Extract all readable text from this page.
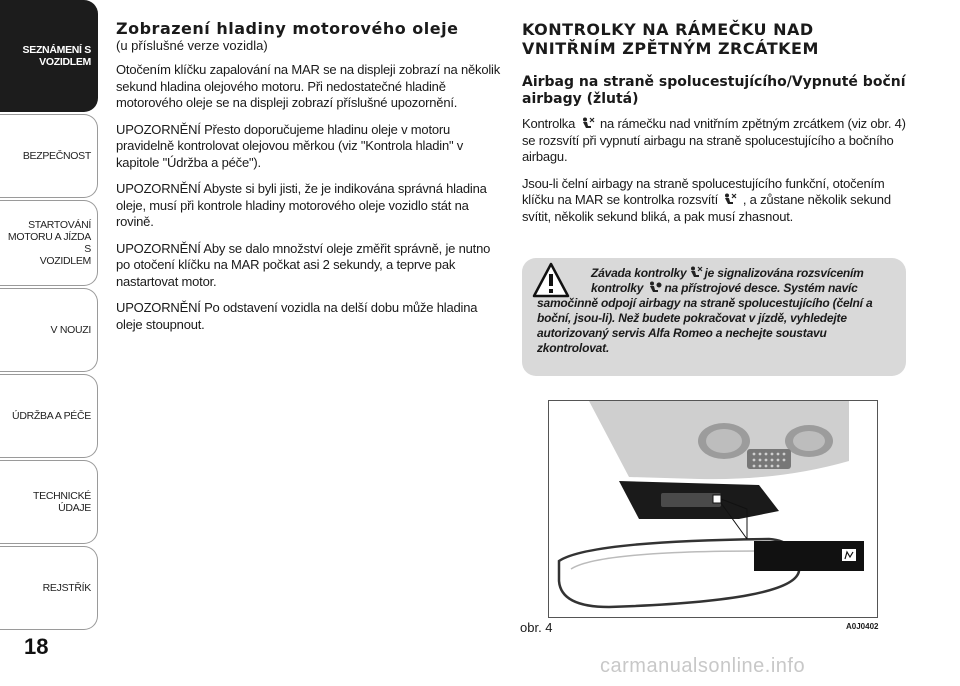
SEZNÁMENÍ S
VOZIDLEM
BEZPEČNOST
STARTOVÁNÍ
MOTORU A JÍZDA S
VOZIDLEM
V NOUZI
ÚDRŽBA A PÉČE
TECHNICKÉ ÚDAJE
REJSTŘÍK
18
Zobrazení hladiny motorového oleje

(u příslušné verze vozidla)

Otočením klíčku zapalování na MAR se na displeji zobrazí na několik sekund hladina olejového motoru. Při nedostatečné hladině motorového oleje se na displeji zobrazí příslušné upozornění.

UPOZORNĚNÍ Přesto doporučujeme hladinu oleje v motoru pravidelně kontrolovat olejovou měrkou (viz "Kontrola hladin" v kapitole "Údržba a péče").

UPOZORNĚNÍ Abyste si byli jisti, že je indikována správná hladina oleje, musí při kontrole hladiny motorového oleje vozidlo stát na rovině.

UPOZORNĚNÍ Aby se dalo množství oleje změřit správně, je nutno po otočení klíčku na MAR počkat asi 2 sekundy, a teprve pak nastartovat motor.

UPOZORNĚNÍ Po odstavení vozidla na delší dobu může hladina oleje stoupnout.

KONTROLKY NA RÁMEČKU NAD VNITŘNÍM ZPĚTNÝM ZRCÁTKEM
Airbag na straně spolucestujícího/Vypnuté boční airbagy (žlutá)

Kontrolka na rámečku nad vnitřním zpětným zrcátkem (viz obr. 4) se rozsvítí při vypnutí airbagu na straně spolucestujícího a bočního airbagu.

Jsou-li čelní airbagy na straně spolucestujícího funkční, otočením klíčku na MAR se kontrolka rozsvítí , a zůstane několik sekund svítit, několik sekund bliká, a pak musí zhasnout.

Závada kontrolky je signalizována rozsvícením
kontrolky na přístrojové desce. Systém navíc
samočinně odpojí airbagy na straně spolucestujícího (čelní a boční, jsou-li). Než budete pokračovat v jízdě, vyhledejte autorizovaný servis Alfa Romeo a nechejte soustavu zkontrolovat.
obr. 4	A0J0402
carmanualsonline.info
